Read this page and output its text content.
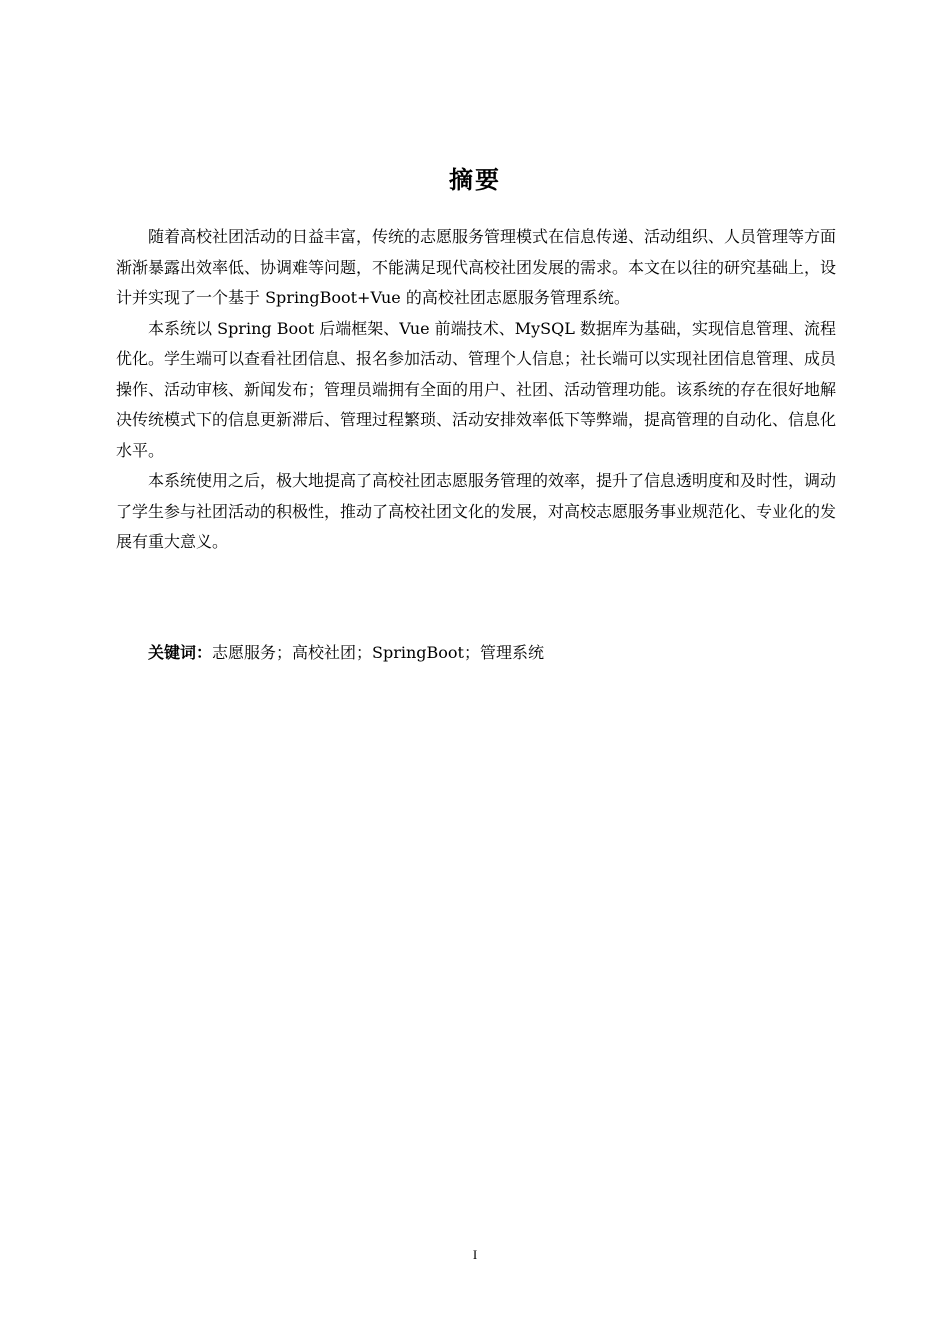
摘要

随着高校社团活动的日益丰富，传统的志愿服务管理模式在信息传递、活动组织、人员管理等方面渐渐暴露出效率低、协调难等问题，不能满足现代高校社团发展的需求。本文在以往的研究基础上，设计并实现了一个基于 SpringBoot+Vue 的高校社团志愿服务管理系统。

本系统以 Spring Boot 后端框架、Vue 前端技术、MySQL 数据库为基础，实现信息管理、流程优化。学生端可以查看社团信息、报名参加活动、管理个人信息；社长端可以实现社团信息管理、成员操作、活动审核、新闻发布；管理员端拥有全面的用户、社团、活动管理功能。该系统的存在很好地解决传统模式下的信息更新滞后、管理过程繁琐、活动安排效率低下等弊端，提高管理的自动化、信息化水平。

本系统使用之后，极大地提高了高校社团志愿服务管理的效率，提升了信息透明度和及时性，调动了学生参与社团活动的积极性，推动了高校社团文化的发展，对高校志愿服务事业规范化、专业化的发展有重大意义。

关键词：志愿服务；高校社团；SpringBoot；管理系统
I
